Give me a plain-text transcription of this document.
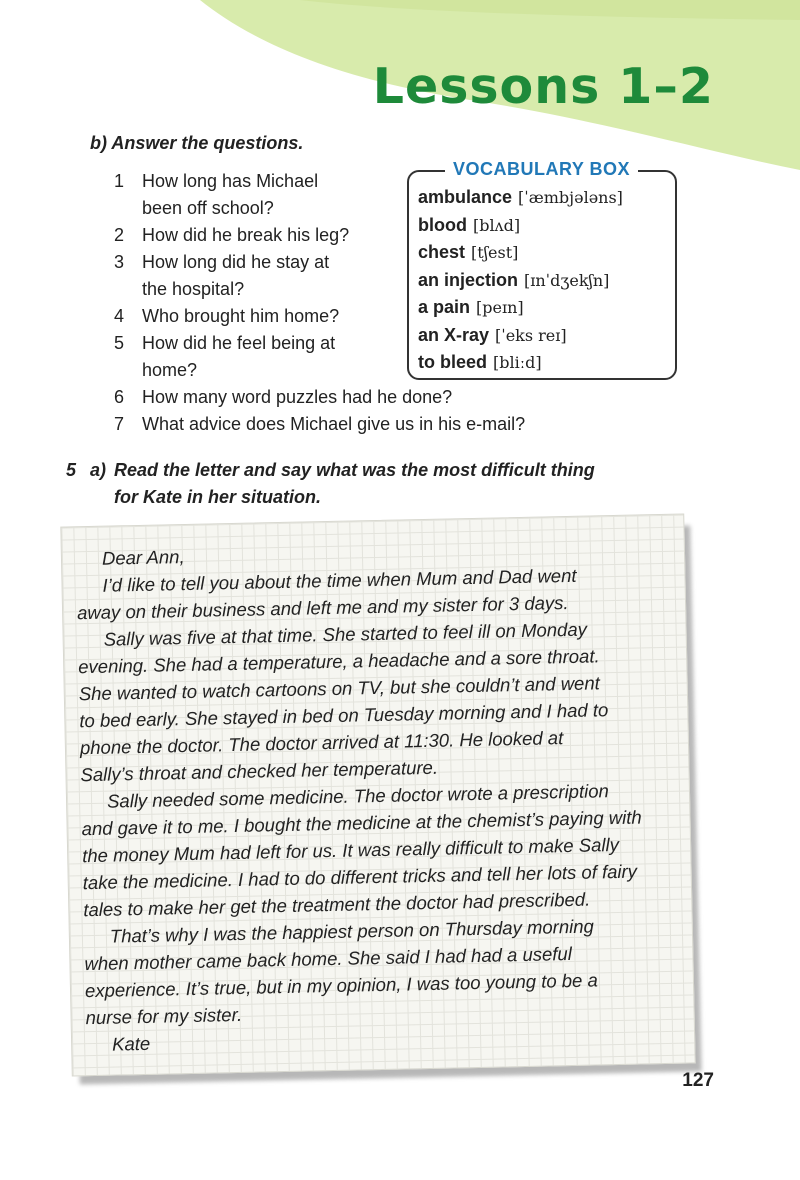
Lessons 1–2
b) Answer the questions.
1 How long has Michael
been off school?
2 How did he break his leg?
3 How long did he stay at
the hospital?
4 Who brought him home?
5 How did he feel being at
home?
6 How many word puzzles had he done?
7 What advice does Michael give us in his e-mail?
VOCABULARY BOX
ambulance [ˈæmbjələns]
blood [blʌd]
chest [tʃest]
an injection [ɪnˈdʒekʃn]
a pain [peɪn]
an X-ray [ˈeks reɪ]
to bleed [bliːd]
5 a) Read the letter and say what was the most difficult thing
for Kate in her situation.
Dear Ann,
I’d like to tell you about the time when Mum and Dad went
away on their business and left me and my sister for 3 days.
Sally was five at that time. She started to feel ill on Monday
evening. She had a temperature, a headache and a sore throat.
She wanted to watch cartoons on TV, but she couldn’t and went
to bed early. She stayed in bed on Tuesday morning and I had to
phone the doctor. The doctor arrived at 11:30. He looked at
Sally’s throat and checked her temperature.
Sally needed some medicine. The doctor wrote a prescription
and gave it to me. I bought the medicine at the chemist’s paying with
the money Mum had left for us. It was really difficult to make Sally
take the medicine. I had to do different tricks and tell her lots of fairy
tales to make her get the treatment the doctor had prescribed.
That’s why I was the happiest person on Thursday morning
when mother came back home. She said I had had a useful
experience. It’s true, but in my opinion, I was too young to be a
nurse for my sister.
Kate
127
